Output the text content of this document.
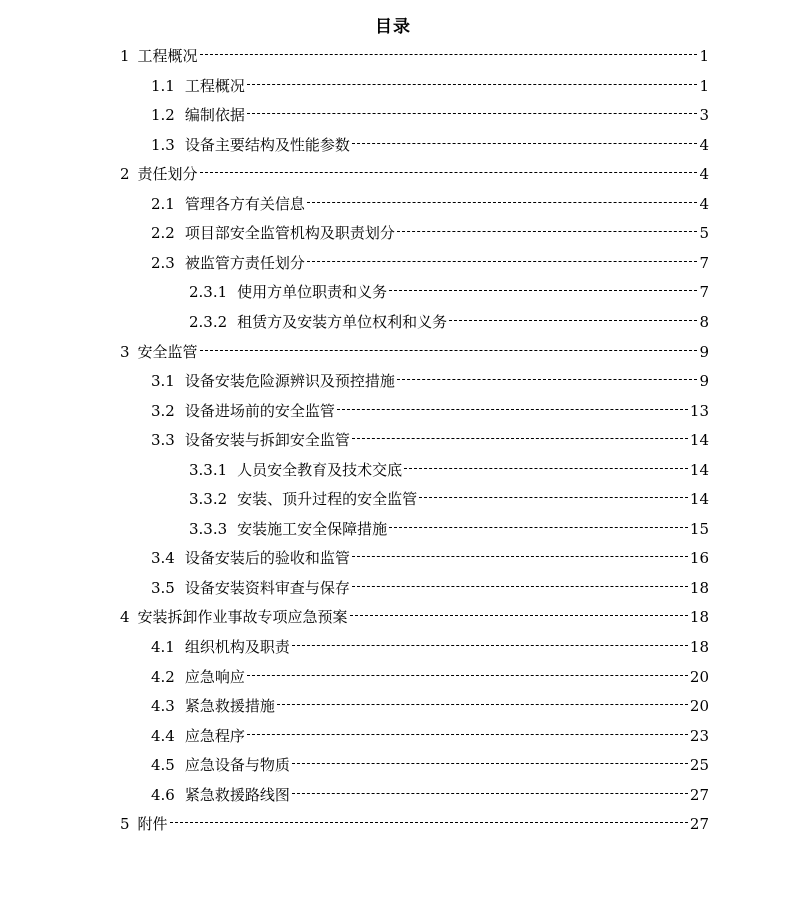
目录
1 工程概况	1
1.1 工程概况	1
1.2 编制依据	3
1.3 设备主要结构及性能参数	4
2 责任划分	4
2.1 管理各方有关信息	4
2.2 项目部安全监管机构及职责划分	5
2.3 被监管方责任划分	7
2.3.1 使用方单位职责和义务	7
2.3.2 租赁方及安装方单位权利和义务	8
3 安全监管	9
3.1 设备安装危险源辨识及预控措施	9
3.2 设备进场前的安全监管	13
3.3 设备安装与拆卸安全监管	14
3.3.1 人员安全教育及技术交底	14
3.3.2 安装、顶升过程的安全监管	14
3.3.3 安装施工安全保障措施	15
3.4 设备安装后的验收和监管	16
3.5 设备安装资料审查与保存	18
4 安装拆卸作业事故专项应急预案	18
4.1 组织机构及职责	18
4.2 应急响应	20
4.3 紧急救援措施	20
4.4 应急程序	23
4.5 应急设备与物质	25
4.6 紧急救援路线图	27
5 附件	27
